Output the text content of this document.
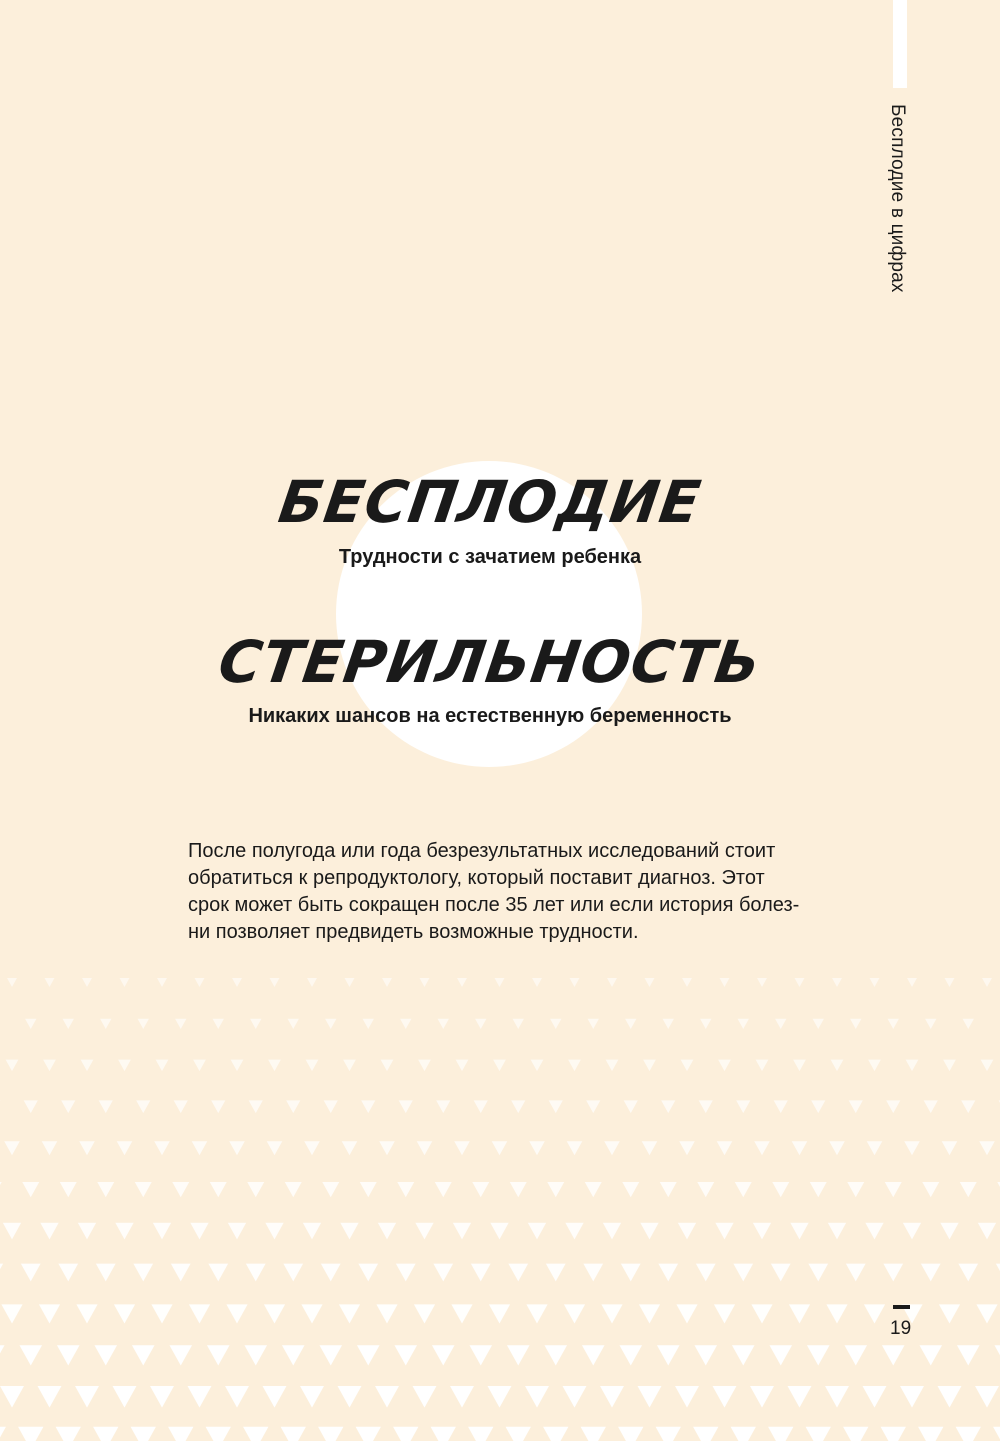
Бесплодие в цифрах
БЕСПЛОДИЕ
Трудности с зачатием ребенка
СТЕРИЛЬНОСТЬ
Никаких шансов на естественную беременность
После полугода или года безрезультатных исследований стоит
обратиться к репродуктологу, который поставит диагноз. Этот
срок может быть сокращен после 35 лет или если история болез-
ни позволяет предвидеть возможные трудности.
19
